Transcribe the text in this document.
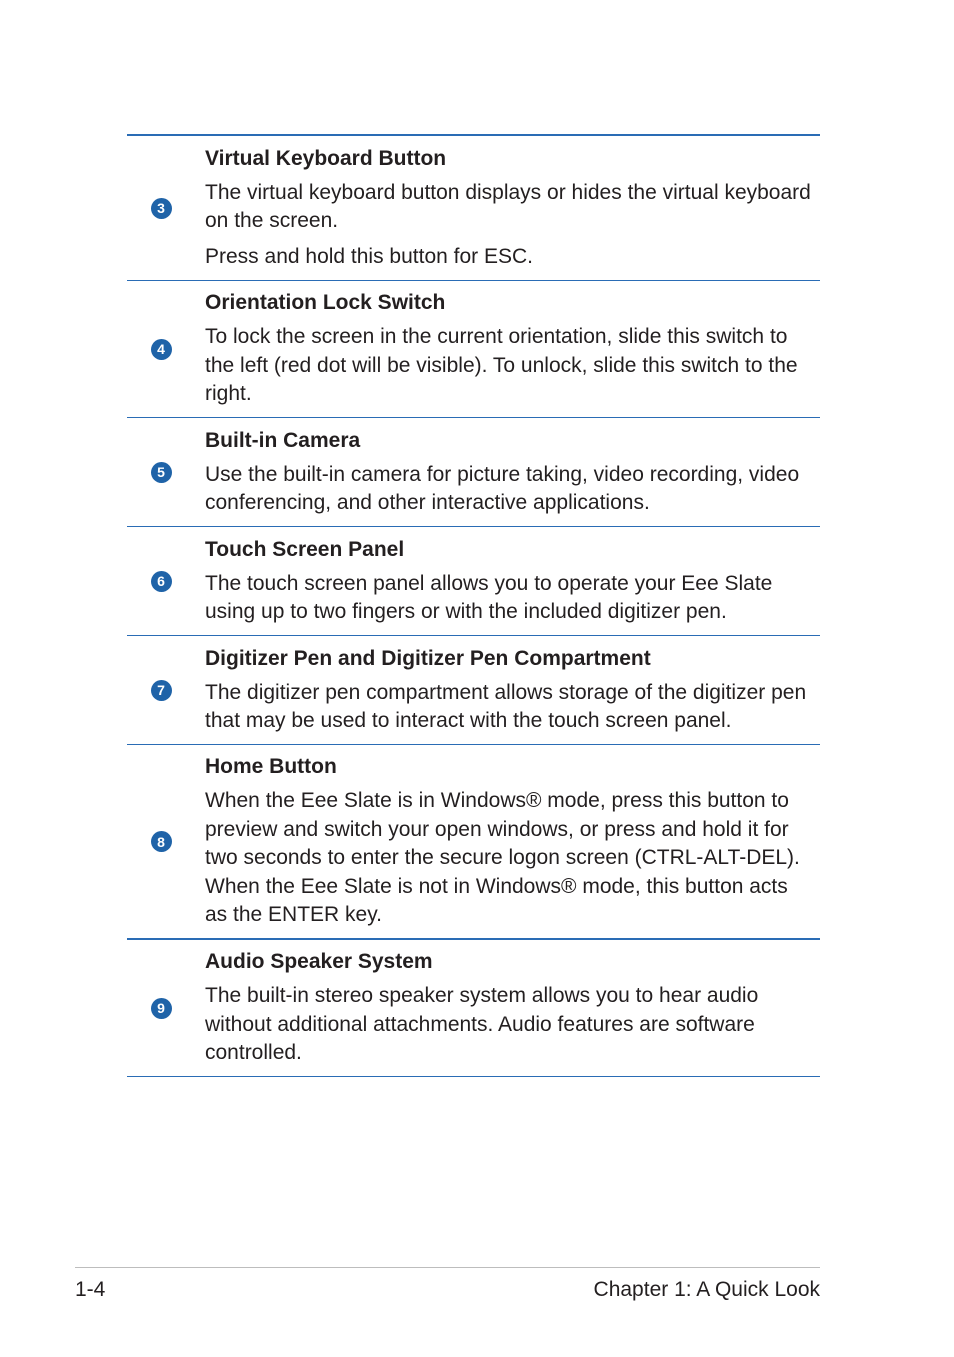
3

Virtual Keyboard Button

The virtual keyboard button displays or hides the virtual keyboard on the screen.

Press and hold this button for ESC.

4

Orientation Lock Switch

To lock the screen in the current orientation, slide this switch to the left (red dot will be visible). To unlock, slide this switch to the right.

5

Built-in Camera

Use the built-in camera for picture taking, video recording, video conferencing, and other interactive applications.

6

Touch Screen Panel

The touch screen panel allows you to operate your Eee Slate using up to two fingers or with the included digitizer pen.

7

Digitizer Pen and Digitizer Pen Compartment

The digitizer pen compartment allows storage of the digitizer pen that may be used to interact with the touch screen panel.

8

Home Button

When the Eee Slate is in Windows® mode, press this button to preview and switch your open windows, or press and hold it for two seconds to enter the secure logon screen (CTRL-ALT-DEL). When the Eee Slate is not in Windows® mode, this button acts as the ENTER key.

9

Audio Speaker System

The built-in stereo speaker system allows you to hear audio without additional attachments. Audio features are software controlled.

1-4	Chapter 1: A Quick Look
